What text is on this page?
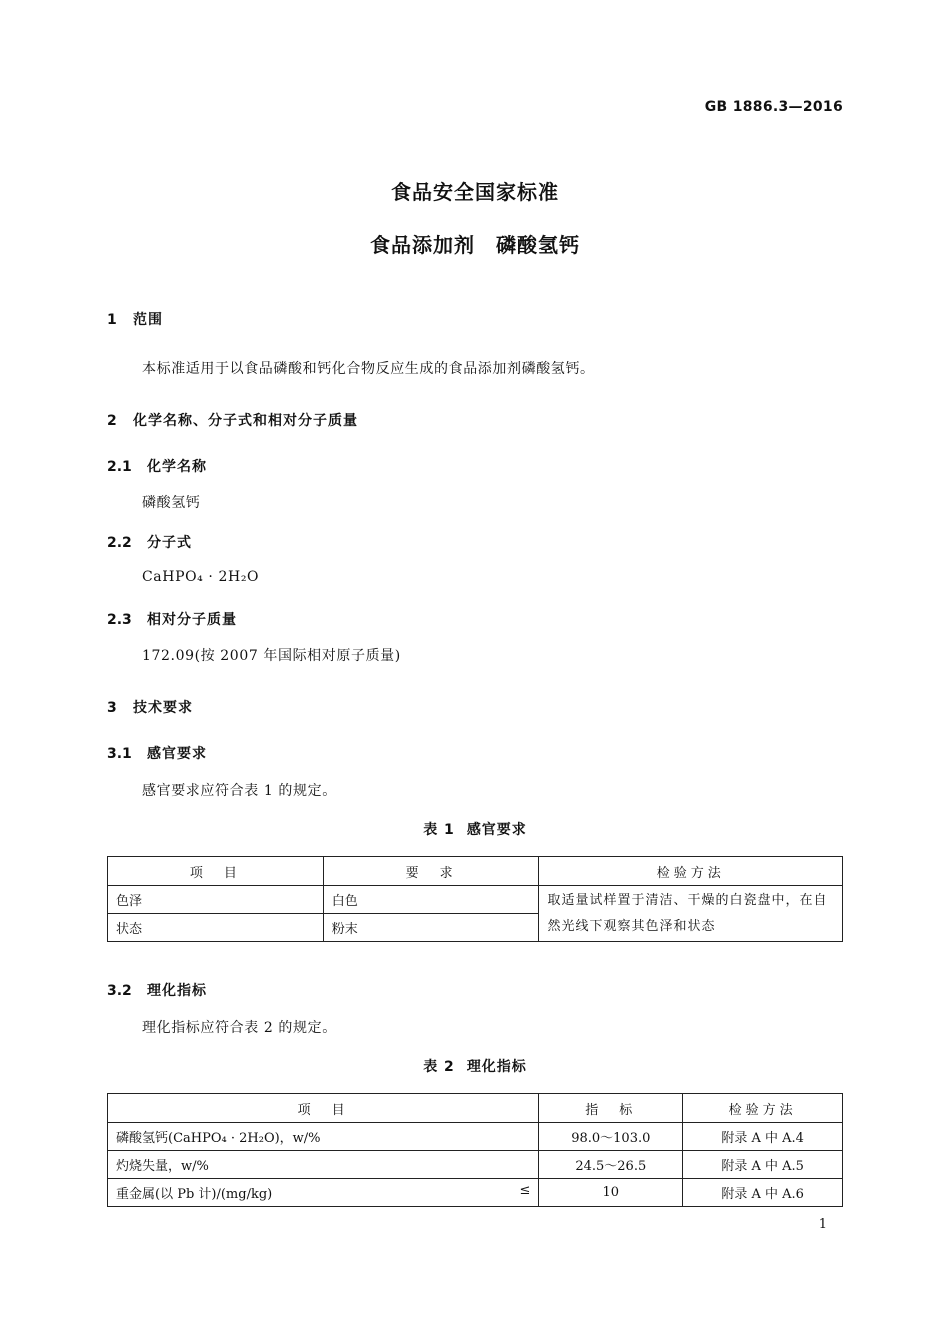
GB 1886.3—2016
食品安全国家标准
食品添加剂　磷酸氢钙
1 范围
本标准适用于以食品磷酸和钙化合物反应生成的食品添加剂磷酸氢钙。
2 化学名称、分子式和相对分子质量
2.1 化学名称
磷酸氢钙
2.2 分子式
CaHPO₄ · 2H₂O
2.3 相对分子质量
172.09(按 2007 年国际相对原子质量)
3 技术要求
3.1 感官要求
感官要求应符合表 1 的规定。
表 1 感官要求
项　目	要　求	检验方法
色泽	白色	取适量试样置于清洁、干燥的白瓷盘中，在自然光线下观察其色泽和状态
状态	粉末	
3.2 理化指标
理化指标应符合表 2 的规定。
表 2 理化指标
项　目	指　标	检验方法
磷酸氢钙(CaHPO₄ · 2H₂O)，w/%	98.0～103.0	附录 A 中 A.4
灼烧失量，w/%	24.5～26.5	附录 A 中 A.5
重金属(以 Pb 计)/(mg/kg) ≤	10	附录 A 中 A.6
1
